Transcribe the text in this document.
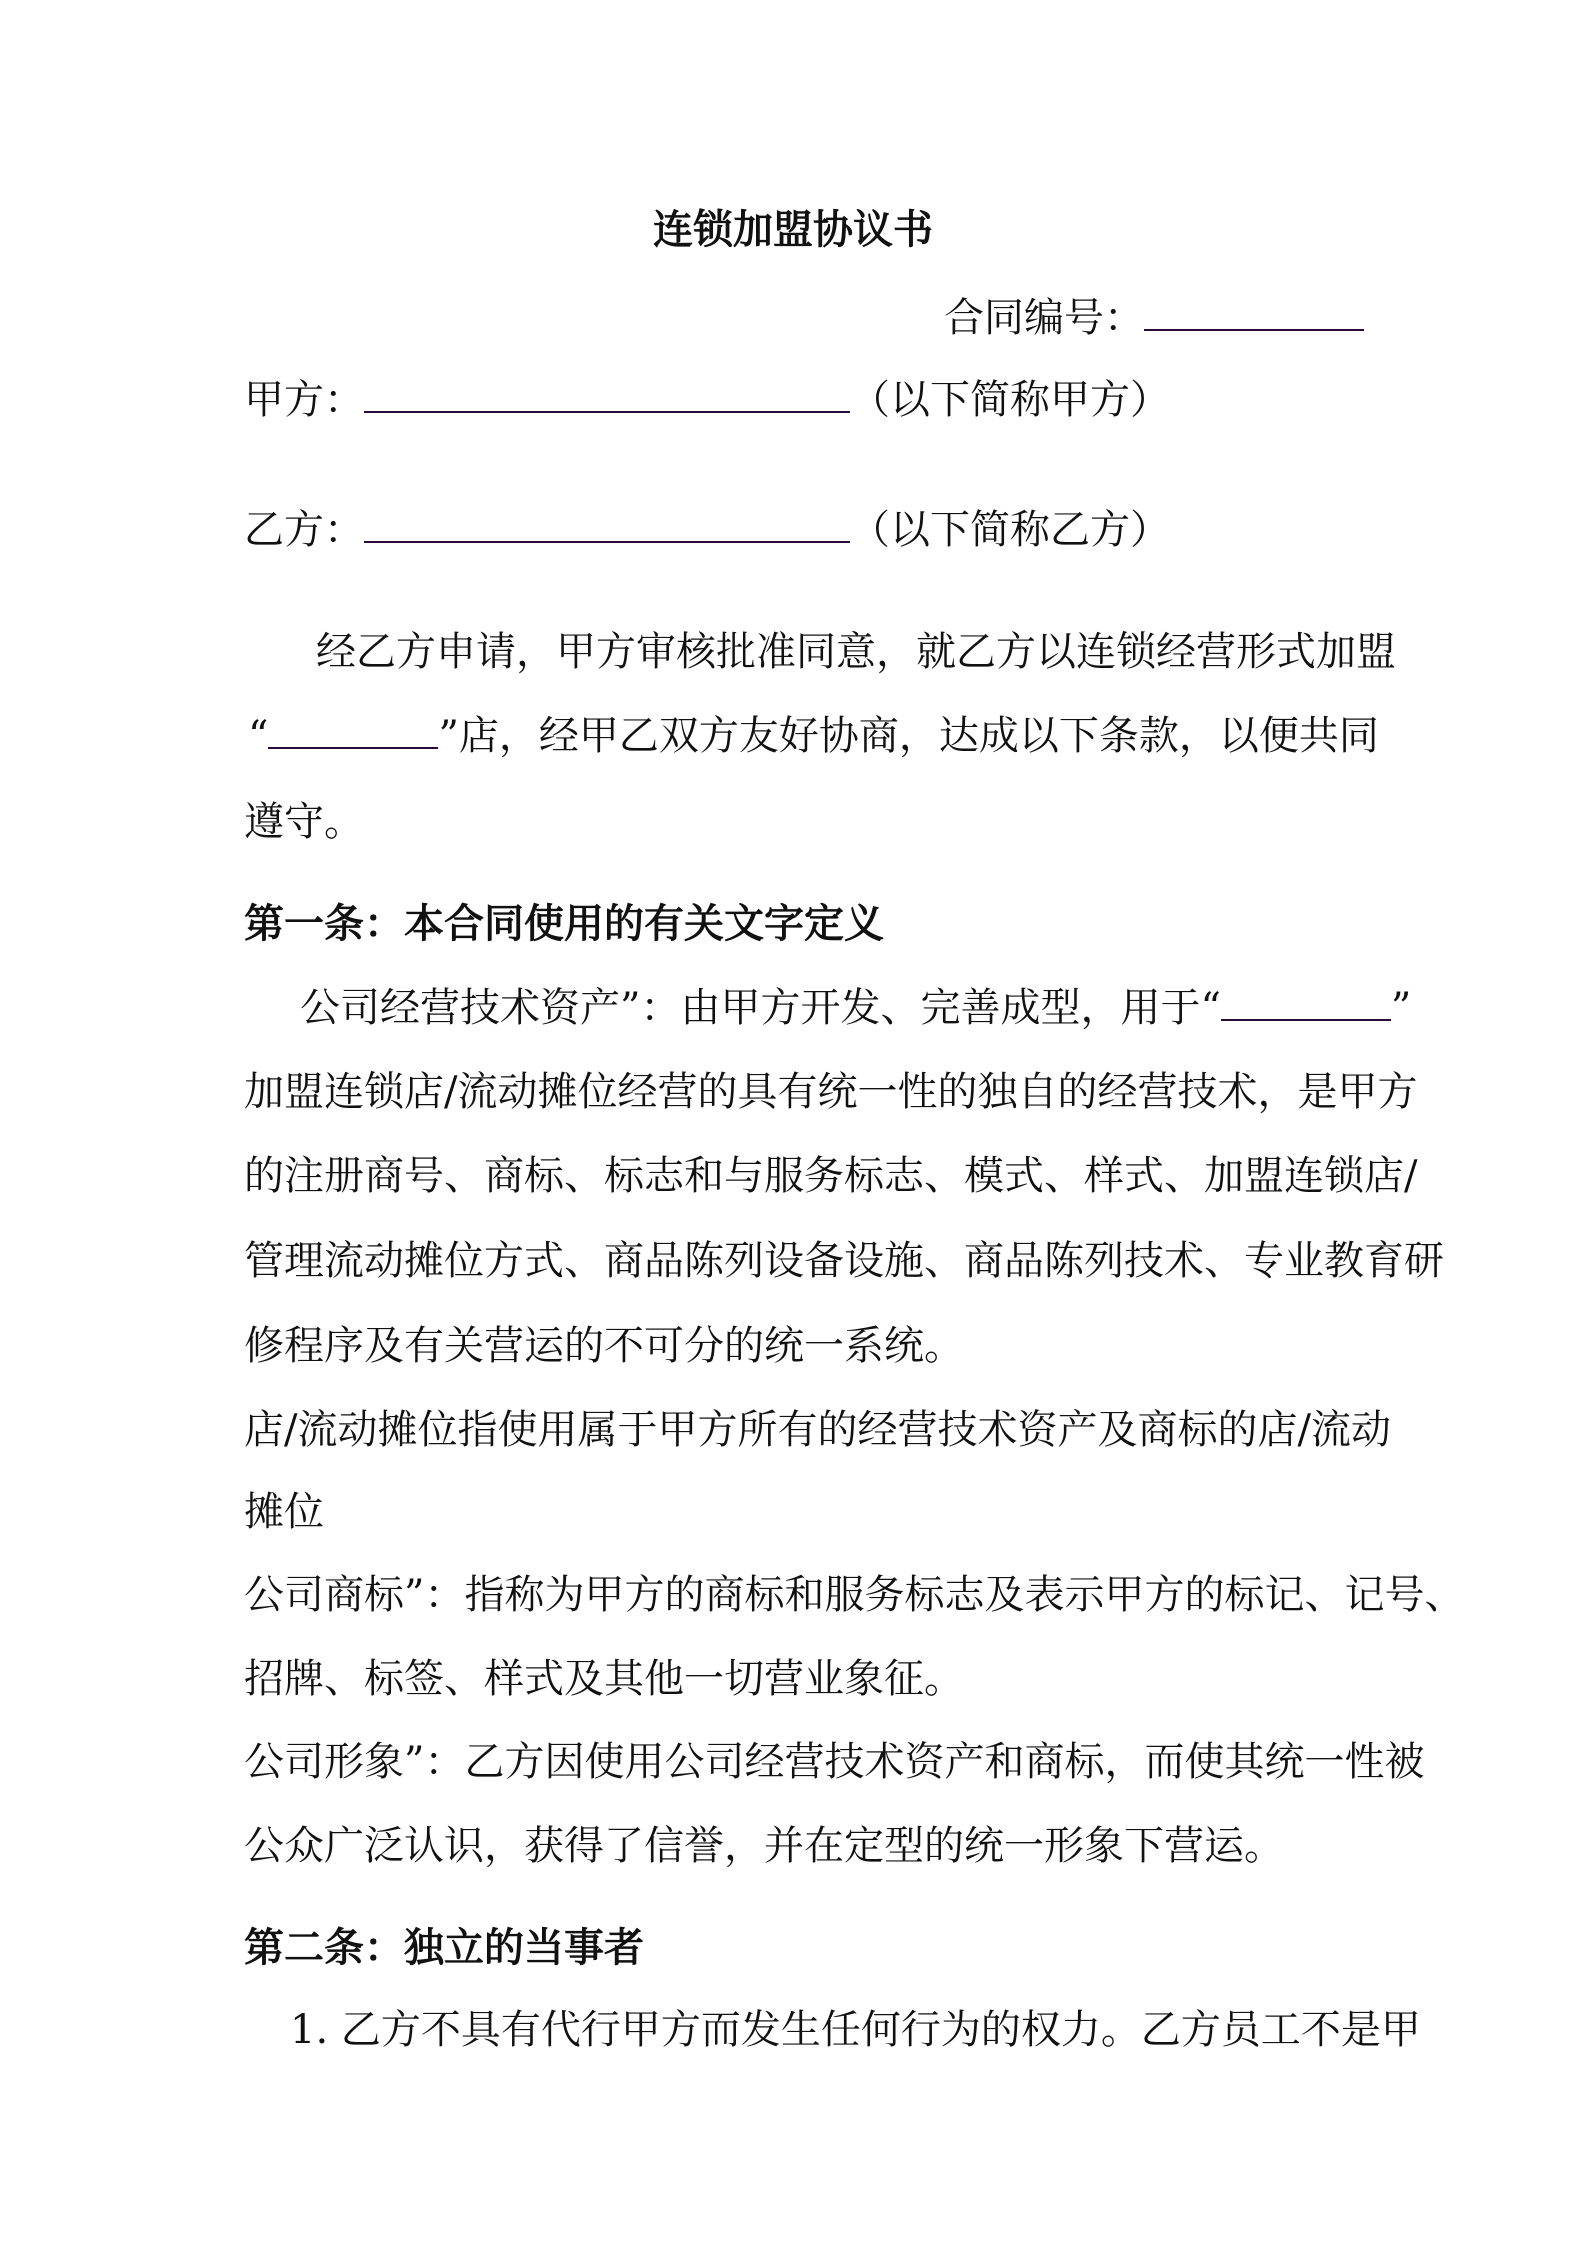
连锁加盟协议书
合同编号：
甲方：	（以下简称甲方）
乙方：	（以下简称乙方）
经乙方申请，甲方审核批准同意，就乙方以连锁经营形式加盟
“	”店，经甲乙双方友好协商，达成以下条款，以便共同
遵守。
第一条：本合同使用的有关文字定义
公司经营技术资产”：由甲方开发、完善成型，用于“	”
加盟连锁店/流动摊位经营的具有统一性的独自的经营技术，是甲方
的注册商号、商标、标志和与服务标志、模式、样式、加盟连锁店/
管理流动摊位方式、商品陈列设备设施、商品陈列技术、专业教育研
修程序及有关营运的不可分的统一系统。
店/流动摊位指使用属于甲方所有的经营技术资产及商标的店/流动
摊位
公司商标”：指称为甲方的商标和服务标志及表示甲方的标记、记号、
招牌、标签、样式及其他一切营业象征。
公司形象”：乙方因使用公司经营技术资产和商标，而使其统一性被
公众广泛认识，获得了信誉，并在定型的统一形象下营运。
第二条：独立的当事者
1. 乙方不具有代行甲方而发生任何行为的权力。乙方员工不是甲
